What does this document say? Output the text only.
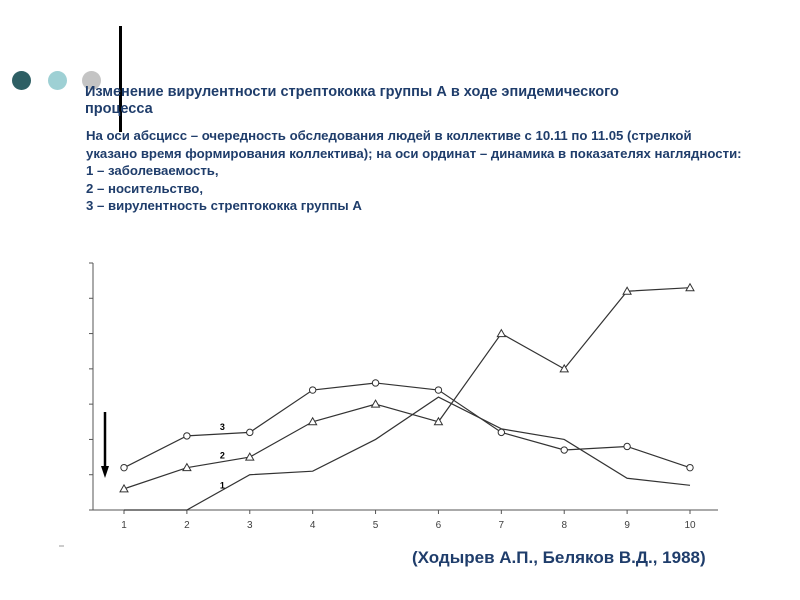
Изменение вирулентности стрептококка группы А в ходе эпидемического процесса
На оси абсцисс – очередность обследования людей в коллективе с 10.11 по 11.05 (стрелкой указано время формирования коллектива); на оси ординат – динамика в показателях наглядности:
1 – заболеваемость,
2 – носительство,
3 – вирулентность стрептококка группы А
1	2	3	4	5	6	7	8	9	10
1
2
3
(Ходырев А.П., Беляков В.Д., 1988)
